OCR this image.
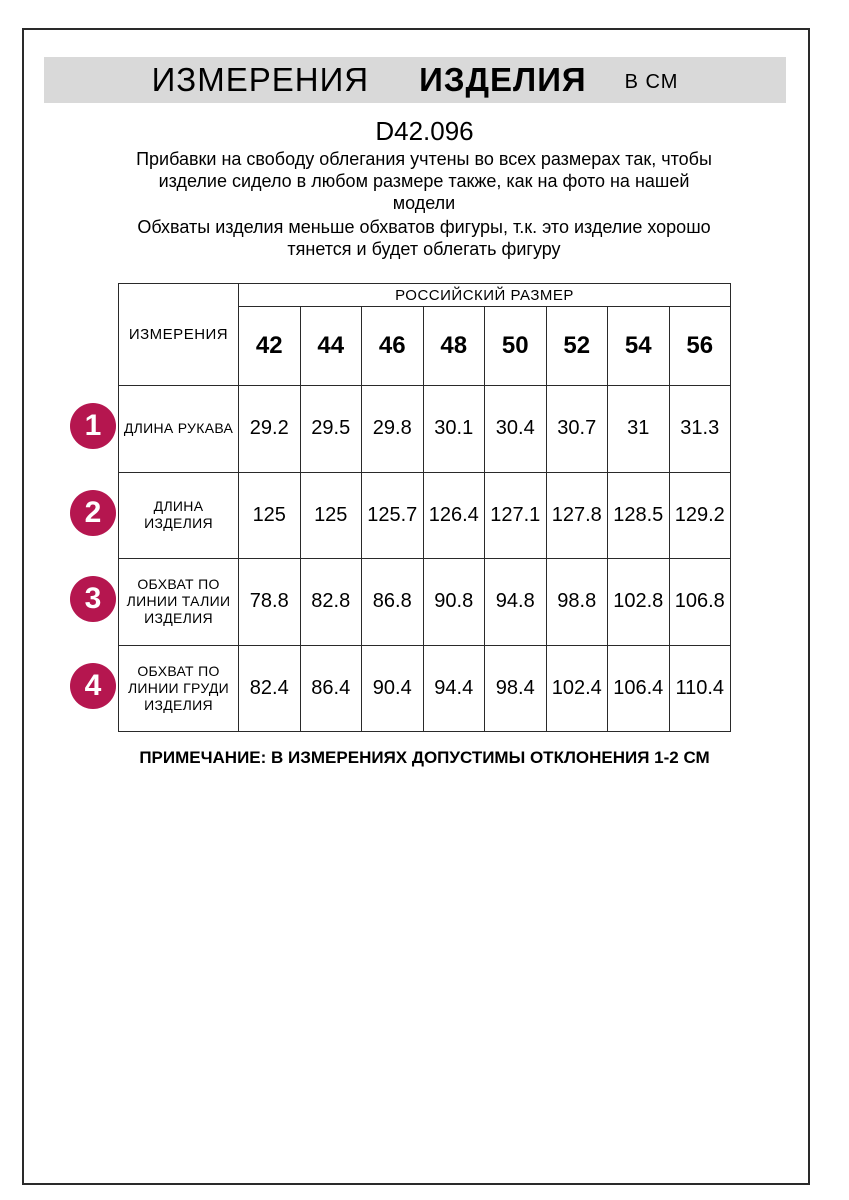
ИЗМЕРЕНИЯ ИЗДЕЛИЯ В СМ
D42.096
Прибавки на свободу облегания учтены во всех размерах так, чтобы
изделие сидело в любом размере также, как на фото на нашей
модели
Обхваты изделия меньше обхватов фигуры, т.к. это изделие хорошо
тянется и будет облегать фигуру
ИЗМЕРЕНИЯ	РОССИЙСКИЙ РАЗМЕР							
	42	44	46	48	50	52	54	56
ДЛИНА РУКАВА	29.2	29.5	29.8	30.1	30.4	30.7	31	31.3
ДЛИНА
ИЗДЕЛИЯ	125	125	125.7	126.4	127.1	127.8	128.5	129.2
ОБХВАТ ПО
ЛИНИИ ТАЛИИ
ИЗДЕЛИЯ	78.8	82.8	86.8	90.8	94.8	98.8	102.8	106.8
ОБХВАТ ПО
ЛИНИИ ГРУДИ
ИЗДЕЛИЯ	82.4	86.4	90.4	94.4	98.4	102.4	106.4	110.4
1
2
3
4
ПРИМЕЧАНИЕ: В ИЗМЕРЕНИЯХ ДОПУСТИМЫ ОТКЛОНЕНИЯ 1-2 СМ
